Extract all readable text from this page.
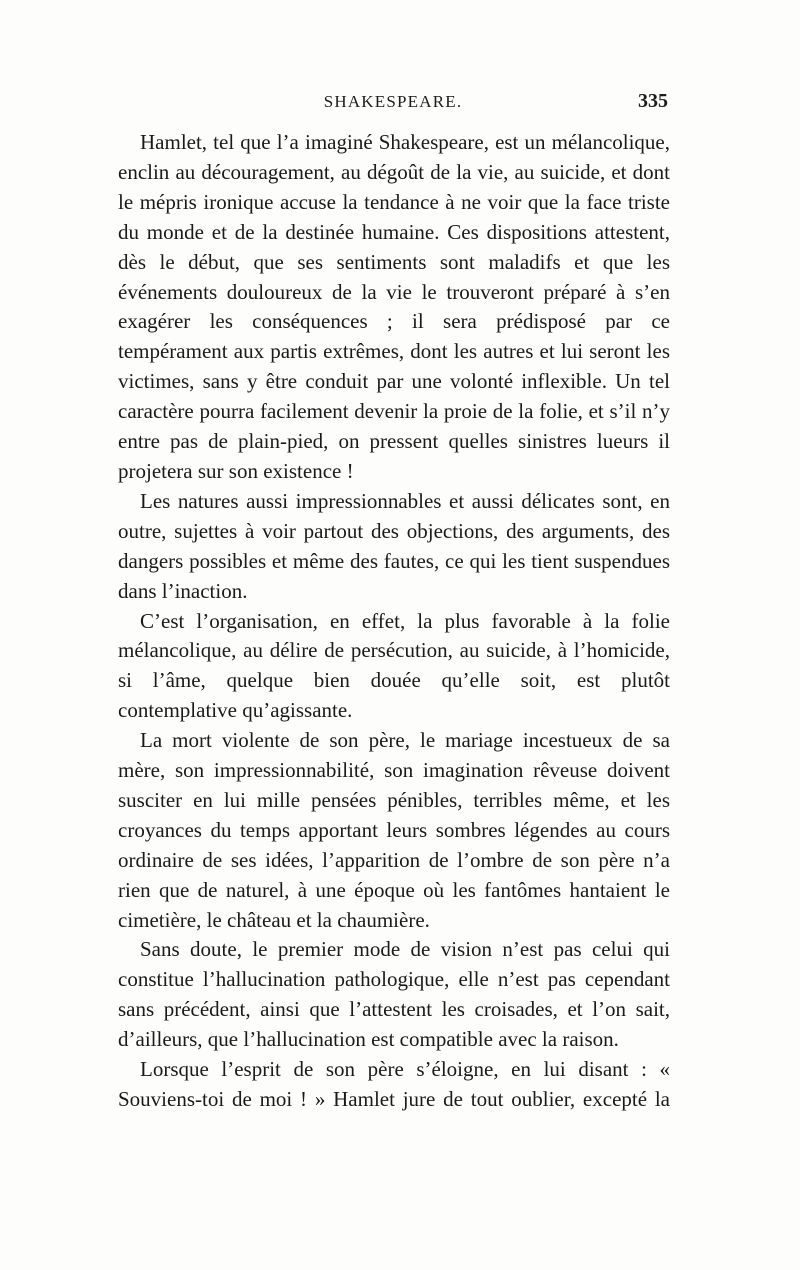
SHAKESPEARE.	335

Hamlet, tel que l’a imaginé Shakespeare, est un mélancolique, enclin au découragement, au dégoût de la vie, au suicide, et dont le mépris ironique accuse la tendance à ne voir que la face triste du monde et de la destinée humaine. Ces dispositions attestent, dès le début, que ses sentiments sont maladifs et que les événements douloureux de la vie le trouveront préparé à s’en exagérer les conséquences ; il sera prédisposé par ce tempérament aux partis extrêmes, dont les autres et lui seront les victimes, sans y être conduit par une volonté inflexible. Un tel caractère pourra facilement devenir la proie de la folie, et s’il n’y entre pas de plain-pied, on pressent quelles sinistres lueurs il projetera sur son existence !

Les natures aussi impressionnables et aussi délicates sont, en outre, sujettes à voir partout des objections, des arguments, des dangers possibles et même des fautes, ce qui les tient suspendues dans l’inaction.

C’est l’organisation, en effet, la plus favorable à la folie mélancolique, au délire de persécution, au suicide, à l’homicide, si l’âme, quelque bien douée qu’elle soit, est plutôt contemplative qu’agissante.

La mort violente de son père, le mariage incestueux de sa mère, son impressionnabilité, son imagination rêveuse doivent susciter en lui mille pensées pénibles, terribles même, et les croyances du temps apportant leurs sombres légendes au cours ordinaire de ses idées, l’apparition de l’ombre de son père n’a rien que de naturel, à une époque où les fantômes hantaient le cimetière, le château et la chaumière.

Sans doute, le premier mode de vision n’est pas celui qui constitue l’hallucination pathologique, elle n’est pas cependant sans précédent, ainsi que l’attestent les croisades, et l’on sait, d’ailleurs, que l’hallucination est compatible avec la raison.

Lorsque l’esprit de son père s’éloigne, en lui disant : « Souviens-toi de moi ! » Hamlet jure de tout oublier, excepté la
